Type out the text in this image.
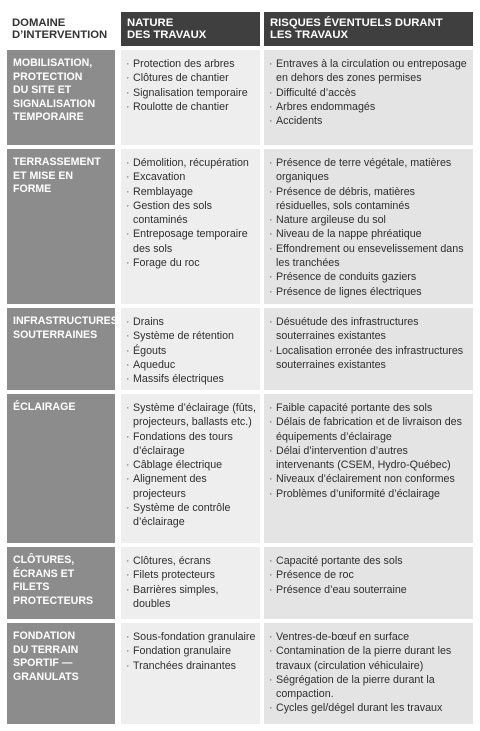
DOMAINE
D’INTERVENTION
NATURE
DES TRAVAUX
RISQUES ÉVENTUELS DURANT
LES TRAVAUX
MOBILISATION,
PROTECTION
DU SITE ET
SIGNALISATION
TEMPORAIRE
· Protection des arbres
· Clôtures de chantier
· Signalisation temporaire
· Roulotte de chantier
· Entraves à la circulation ou entreposage en dehors des zones permises
· Difficulté d’accès
· Arbres endommagés
· Accidents
TERRASSEMENT
ET MISE EN
FORME
· Démolition, récupération
· Excavation
· Remblayage
· Gestion des sols contaminés
· Entreposage temporaire des sols
· Forage du roc
· Présence de terre végétale, matières organiques
· Présence de débris, matières résiduelles, sols contaminés
· Nature argileuse du sol
· Niveau de la nappe phréatique
· Effondrement ou ensevelissement dans les tranchées
· Présence de conduits gaziers
· Présence de lignes électriques
INFRASTRUCTURES
SOUTERRAINES
· Drains
· Système de rétention
· Égouts
· Aqueduc
· Massifs électriques
· Désuétude des infrastructures souterraines existantes
· Localisation erronée des infrastructures souterraines existantes
ÉCLAIRAGE
·	Système d’éclairage (fûts, projecteurs, ballasts etc.)
· Fondations des tours d’éclairage
· Câblage électrique
· Alignement des projecteurs
· Système de contrôle d’éclairage
· Faible capacité portante des sols
· Délais de fabrication et de livraison des équipements d’éclairage
· Délai d’intervention d’autres intervenants (CSEM, Hydro-Québec)
· Niveaux d’éclairement non conformes
· Problèmes d’uniformité d’éclairage
CLÔTURES,
ÉCRANS ET FILETS
PROTECTEURS
· Clôtures, écrans
· Filets protecteurs
· Barrières simples, doubles
· Capacité portante des sols
· Présence de roc
· Présence d’eau souterraine
FONDATION
DU TERRAIN
SPORTIF —
GRANULATS
· Sous-fondation granulaire
· Fondation granulaire
· Tranchées drainantes
· Ventres-de-bœuf en surface
· Contamination de la pierre durant les travaux (circulation véhiculaire)
· Ségrégation de la pierre durant la compaction.
· Cycles gel/dégel durant les travaux
